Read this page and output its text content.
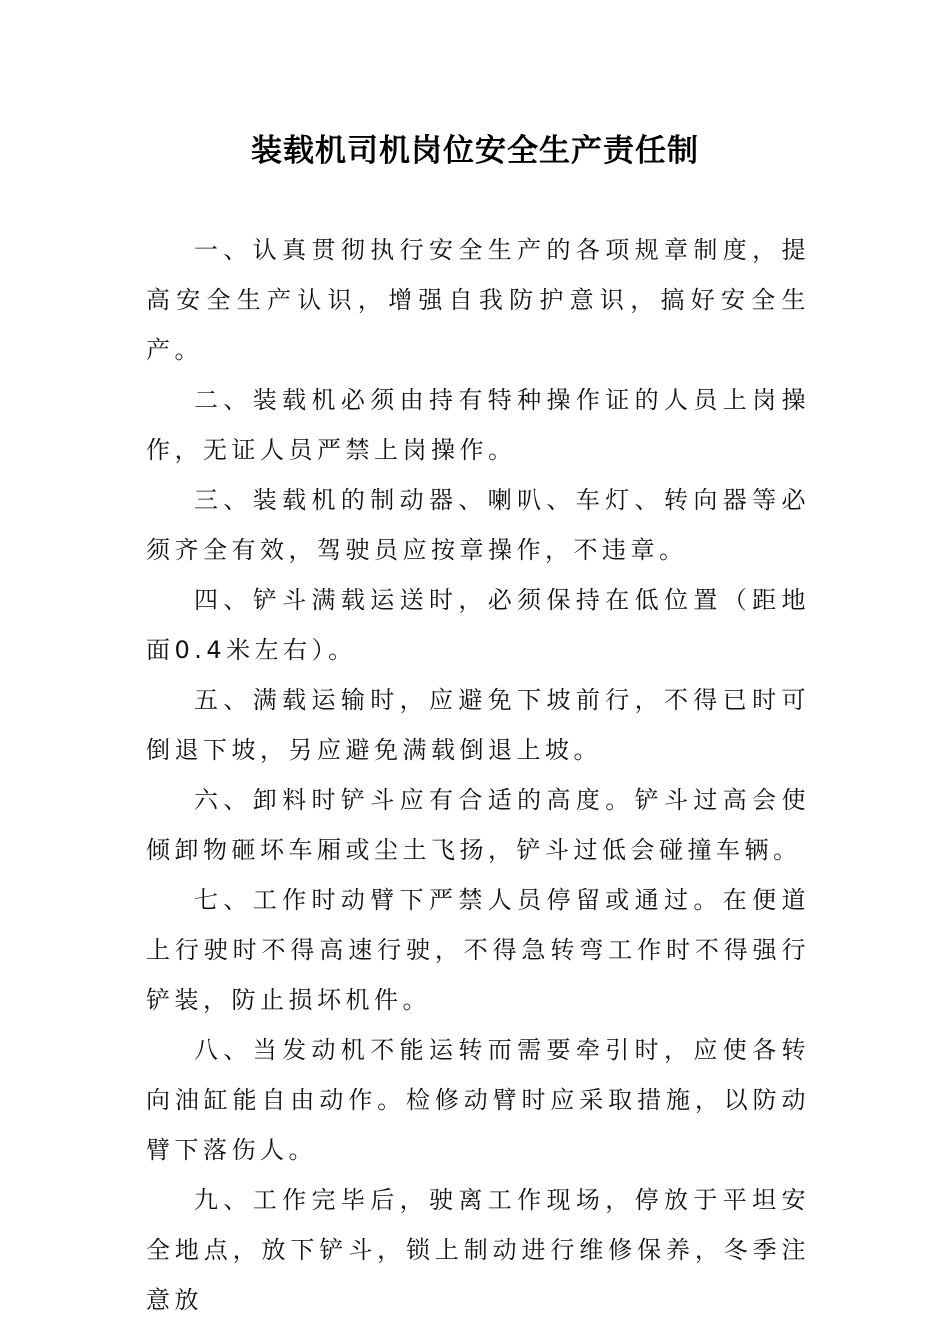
装载机司机岗位安全生产责任制

一、认真贯彻执行安全生产的各项规章制度，提高安全生产认识，增强自我防护意识，搞好安全生产。

二、装载机必须由持有特种操作证的人员上岗操作，无证人员严禁上岗操作。

三、装载机的制动器、喇叭、车灯、转向器等必须齐全有效，驾驶员应按章操作，不违章。

四、铲斗满载运送时，必须保持在低位置（距地面0.4米左右）。

五、满载运输时，应避免下坡前行，不得已时可倒退下坡，另应避免满载倒退上坡。

六、卸料时铲斗应有合适的高度。铲斗过高会使倾卸物砸坏车厢或尘土飞扬，铲斗过低会碰撞车辆。

七、工作时动臂下严禁人员停留或通过。在便道上行驶时不得高速行驶，不得急转弯工作时不得强行铲装，防止损坏机件。

八、当发动机不能运转而需要牵引时，应使各转向油缸能自由动作。检修动臂时应采取措施，以防动臂下落伤人。

九、工作完毕后，驶离工作现场，停放于平坦安全地点，放下铲斗，锁上制动进行维修保养，冬季注意放
